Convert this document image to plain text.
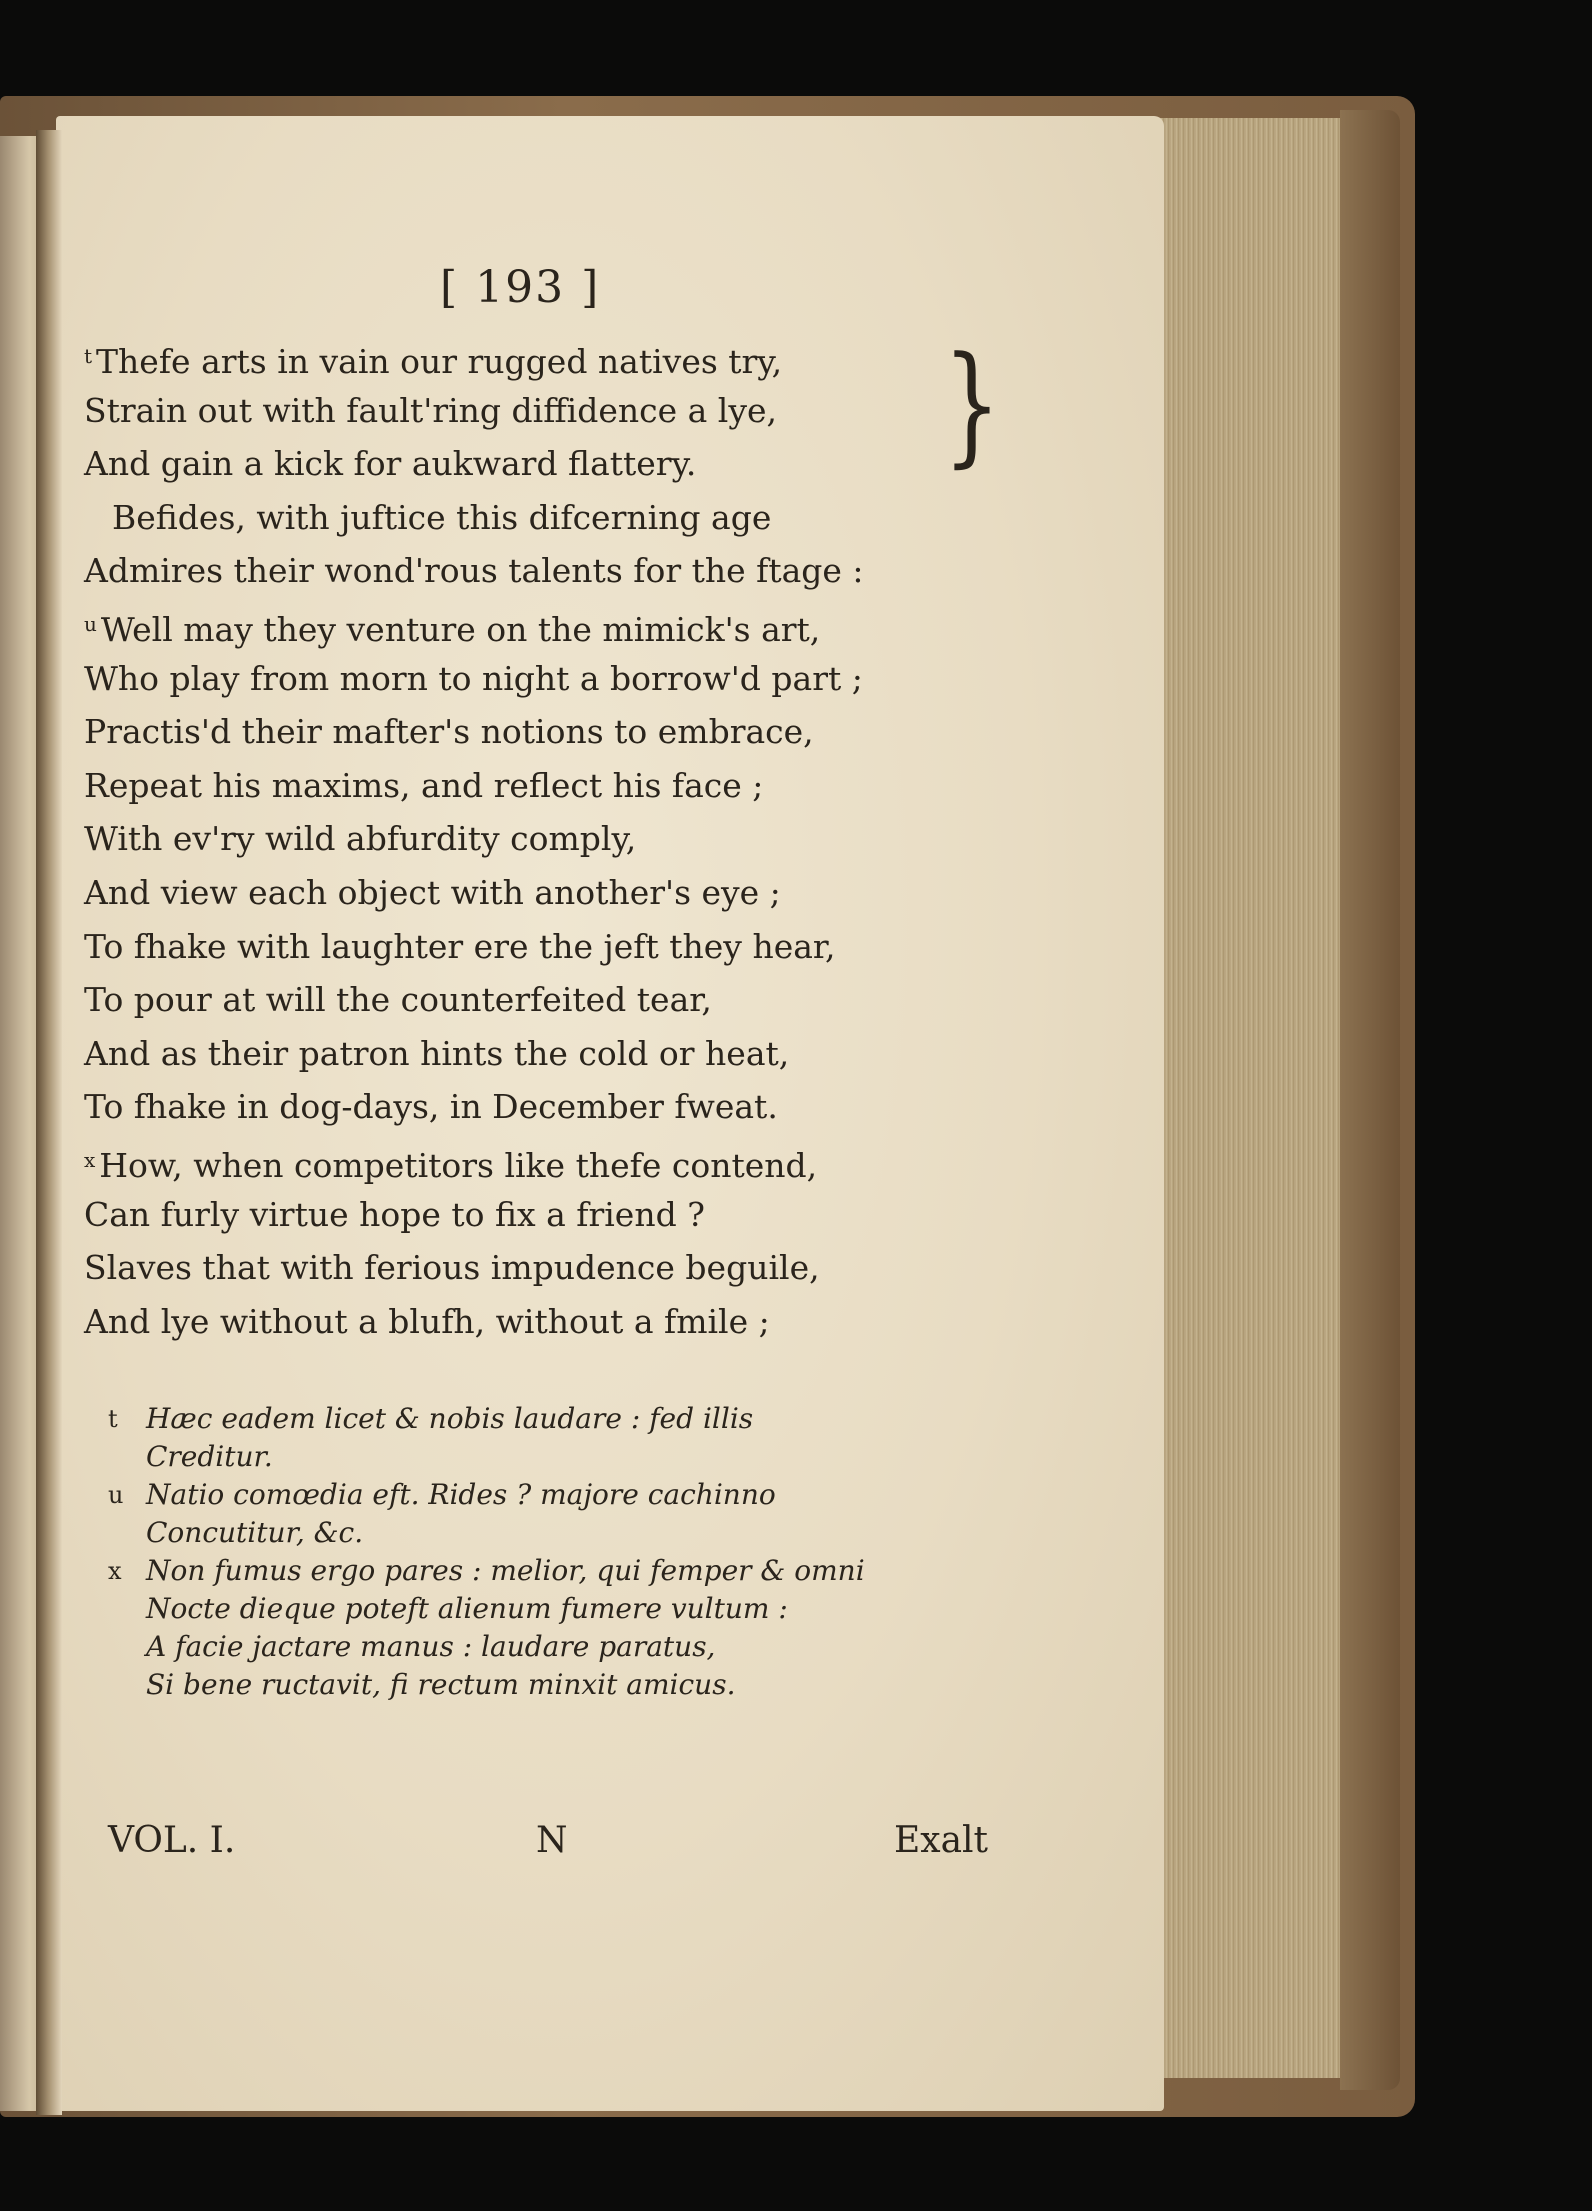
[ 193 ]
}
$^t$ Thefe arts in vain our rugged natives try,
Strain out with fault'ring diffidence a lye,
And gain a kick for aukward flattery.
Befides, with juftice this difcerning age
Admires their wond'rous talents for the ftage :
$^u$ Well may they venture on the mimick's art,
Who play from morn to night a borrow'd part ;
Practis'd their mafter's notions to embrace,
Repeat his maxims, and reflect his face ;
With ev'ry wild abfurdity comply,
And view each object with another's eye ;
To fhake with laughter ere the jeft they hear,
To pour at will the counterfeited tear,
And as their patron hints the cold or heat,
To fhake in dog-days, in December fweat.
$^x$ How, when competitors like thefe contend,
Can furly virtue hope to fix a friend ?
Slaves that with ferious impudence beguile,
And lye without a blufh, without a fmile ;
t Hæc eadem licet & nobis laudare : fed illis
Creditur.
u Natio comœdia eft. Rides ? majore cachinno
Concutitur, &c.
x Non fumus ergo pares : melior, qui femper & omni
Nocte dieque poteft alienum fumere vultum :
A facie jactare manus : laudare paratus,
Si bene ructavit, fi rectum minxit amicus.
VOL. I.	N	Exalt
